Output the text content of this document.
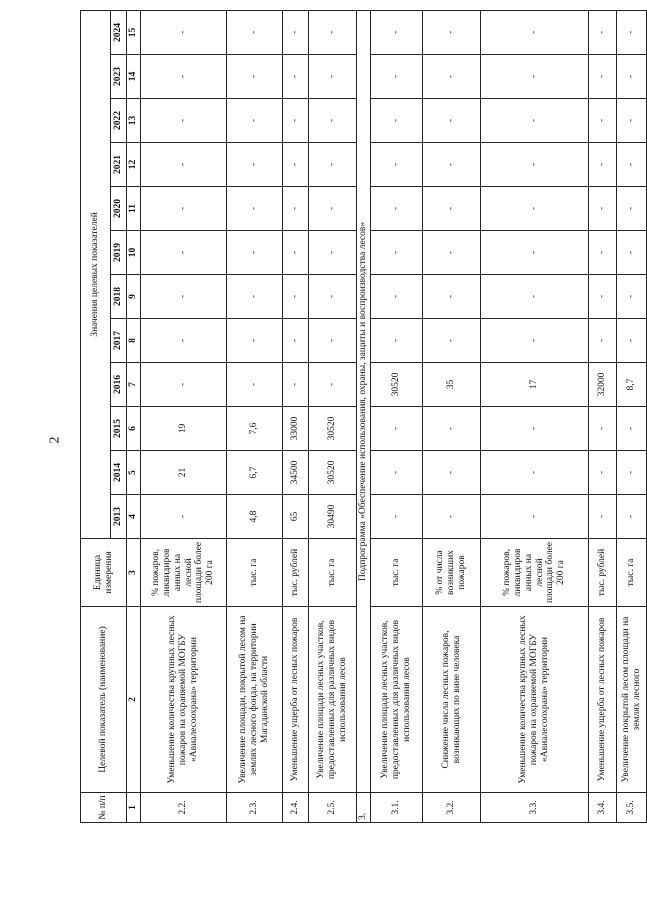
2
№ п/п	Целевой показатель (наименование)	Единица измерения	Значения целевых показателей											
			2013	2014	2015	2016	2017	2018	2019	2020	2021	2022	2023	2024
1	2	3	4	5	6	7	8	9	10	11	12	13	14	15
2.2.	Уменьшение количества крупных лесных пожаров на охраняемой МОГБУ «Авиалесоохрана» территории	% пожаров, ликвидиров анных на лесной площади более 200 га	-	21	19	-	-	-	-	-	-	-	-	-
2.3.	Увеличение площади, покрытой лесом на землях лесного фонда, на территории Магаданской области	тыс. га	4,8	6,7	7,6	-	-	-	-	-	-	-	-	-
2.4.	Уменьшение ущерба от лесных пожаров	тыс. рублей	65	34500	33000	-	-	-	-	-	-	-	-	-
2.5.	Увеличение площади лесных участков, предоставленных для различных видов использования лесов	тыс. га	30490	30520	30520	-	-	-	-	-	-	-	-	-
3.	Подпрограмма «Обеспечение использования, охраны, защиты и воспроизводства лесов»													
3.1.	Увеличение площади лесных участков, предоставленных для различных видов использования лесов	тыс. га	-	-	-	30520	-	-	-	-	-	-	-	-
3.2.	Снижение числа лесных пожаров, возникающих по вине человека	% от числа возникших пожаров	-	-	-	35	-	-	-	-	-	-	-	-
3.3.	Уменьшение количества крупных лесных пожаров на охраняемой МОГБУ «Авиалесоохрана» территории	% пожаров, ликвидиров анных на лесной площади более 200 га	-	-	-	17	-	-	-	-	-	-	-	-
3.4.	Уменьшение ущерба от лесных пожаров	тыс. рублей	-	-	-	32000	-	-	-	-	-	-	-	-
3.5.	Увеличение покрытой лесом площади на землях лесного	тыс. га	-	-	-	8,7	-	-	-	-	-	-	-	-
